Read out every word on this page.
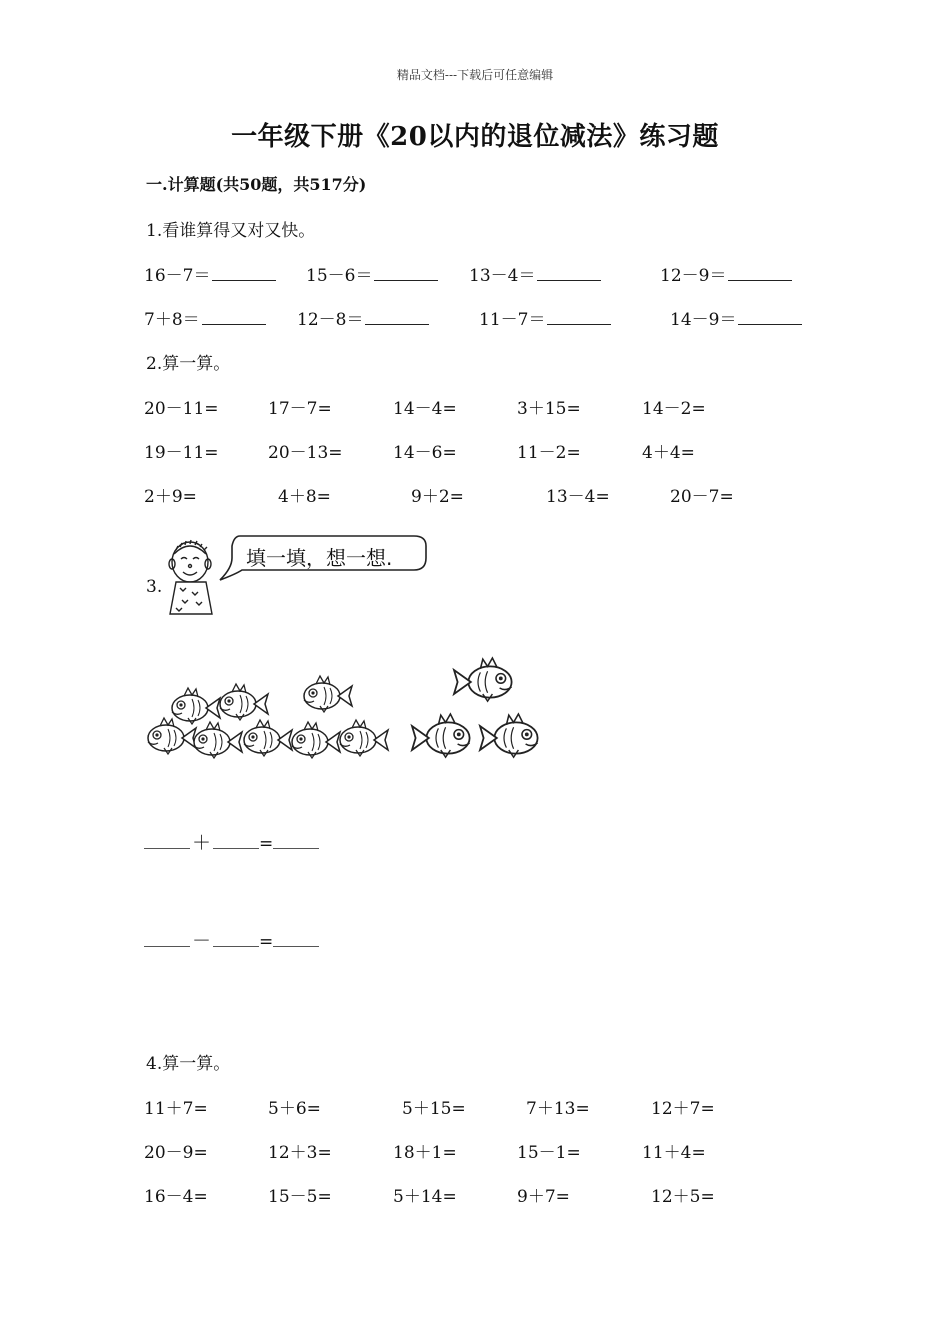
精品文档---下载后可任意编辑
一年级下册《20以内的退位减法》练习题
一.计算题(共50题，共517分)
1.看谁算得又对又快。
16－7＝	15－6＝	13－4＝	12－9＝
7＋8＝	12－8＝	11－7＝	14－9＝
2.算一算。
20－11=	17－7=	14－4=	3＋15=	14－2=
19－11=	20－13=	14－6=	11－2=	4＋4=
2＋9=	4＋8=	9＋2=	13－4=	20－7=
3.
填一填，想一想.
＋	=
－	=
4.算一算。
11＋7=	5＋6=	5＋15=	7＋13=	12＋7=
20－9=	12＋3=	18＋1=	15－1=	11＋4=
16－4=	15－5=	5＋14=	9＋7=	12＋5=
